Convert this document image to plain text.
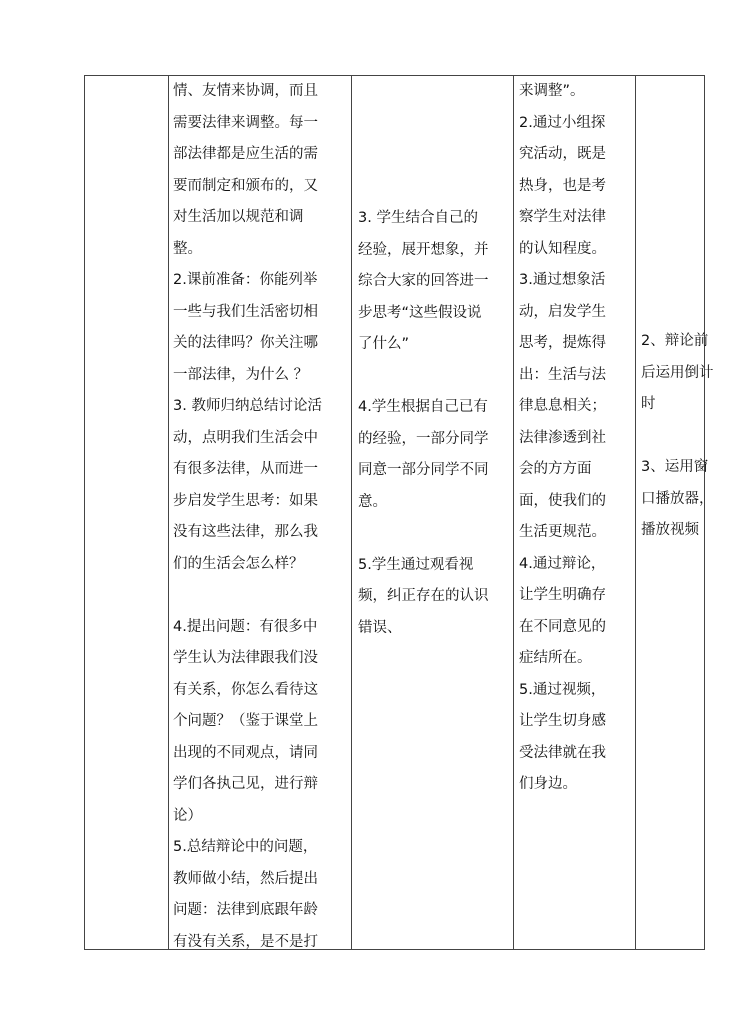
情、友情来协调，而且
需要法律来调整。每一
部法律都是应生活的需
要而制定和颁布的，又
对生活加以规范和调
整。
2.课前准备：你能列举
一些与我们生活密切相
关的法律吗？你关注哪
一部法律，为什么 ？
3. 教师归纳总结讨论活
动，点明我们生活会中
有很多法律，从而进一
步启发学生思考：如果
没有这些法律，那么我
们的生活会怎么样？
4.提出问题：有很多中
学生认为法律跟我们没
有关系，你怎么看待这
个问题？（鉴于课堂上
出现的不同观点，请同
学们各执己见，进行辩
论）
5.总结辩论中的问题，
教师做小结，然后提出
问题：法律到底跟年龄
有没有关系，是不是打
3. 学生结合自己的
经验，展开想象，并
综合大家的回答进一
步思考“这些假设说
了什么”
4.学生根据自己已有
的经验，一部分同学
同意一部分同学不同
意。
5.学生通过观看视
频，纠正存在的认识
错误、
来调整”。
2.通过小组探
究活动，既是
热身，也是考
察学生对法律
的认知程度。
3.通过想象活
动，启发学生
思考，提炼得
出：生活与法
律息息相关；
法律渗透到社
会的方方面
面，使我们的
生活更规范。
4.通过辩论，
让学生明确存
在不同意见的
症结所在。
5.通过视频，
让学生切身感
受法律就在我
们身边。
2、辩论前
后运用倒计
时
3、运用窗
口播放器，
播放视频
